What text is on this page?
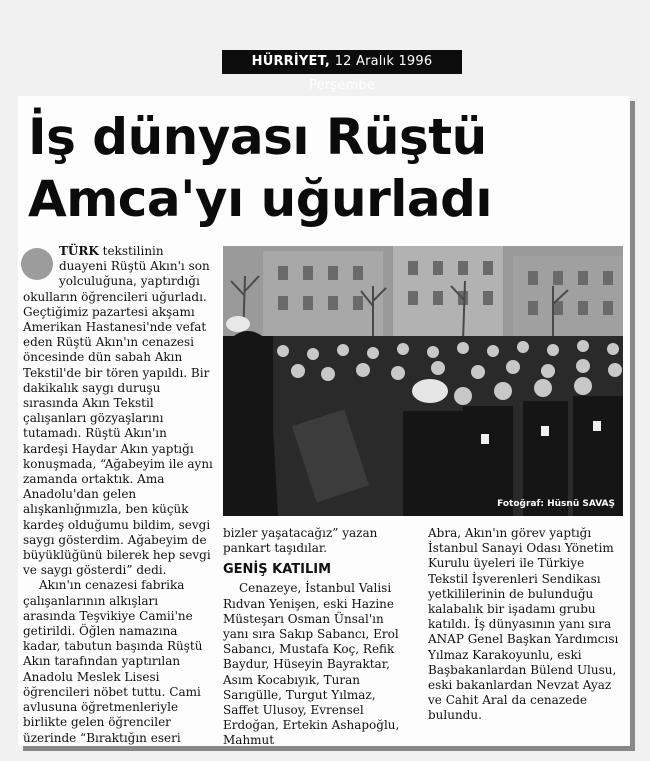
HÜRRİYET, 12 Aralık 1996 Perşembe
İş dünyası Rüştü
Amca'yı uğurladı

TÜRK tekstilinin duayeni Rüştü Akın'ı son yolculuğuna, yaptırdığı okulların öğrencileri uğurladı. Geçtiğimiz pazartesi akşamı Amerikan Hastanesi'nde vefat eden Rüştü Akın'ın cenazesi öncesinde dün sabah Akın Tekstil'de bir tören yapıldı. Bir dakikalık saygı duruşu sırasında Akın Tekstil çalışanları gözyaşlarını tutamadı. Rüştü Akın'ın kardeşi Haydar Akın yaptığı konuşmada, “Ağabeyim ile aynı zamanda ortaktık. Ama Anadolu'dan gelen alışkanlığımızla, ben küçük kardeş olduğumu bildim, sevgi saygı gösterdim. Ağabeyim de büyüklüğünü bilerek hep sevgi ve saygı gösterdi” dedi.

Akın'ın cenazesi fabrika çalışanlarının alkışları arasında Teşvikiye Camii'ne getirildi. Öğlen namazına kadar, tabutun başında Rüştü Akın tarafından yaptırılan Anadolu Meslek Lisesi öğrencileri nöbet tuttu. Cami avlusuna öğretmenleriyle birlikte gelen öğrenciler üzerinde “Bıraktığın eseri

Fotoğraf: Hüsnü SAVAŞ

bizler yaşatacağız” yazan pankart taşıdılar.

GENİŞ KATILIM

Cenazeye, İstanbul Valisi Rıdvan Yenişen, eski Hazine Müsteşarı Osman Ünsal'ın yanı sıra Sakıp Sabancı, Erol Sabancı, Mustafa Koç, Refik Baydur, Hüseyin Bayraktar, Asım Kocabıyık, Turan Sarıgülle, Turgut Yılmaz, Saffet Ulusoy, Evrensel Erdoğan, Ertekin Ashapoğlu, Mahmut

Abra, Akın'ın görev yaptığı İstanbul Sanayi Odası Yönetim Kurulu üyeleri ile Türkiye Tekstil İşverenleri Sendikası yetkililerinin de bulunduğu kalabalık bir işadamı grubu katıldı. İş dünyasının yanı sıra ANAP Genel Başkan Yardımcısı Yılmaz Karakoyunlu, eski Başbakanlardan Bülend Ulusu, eski bakanlardan Nevzat Ayaz ve Cahit Aral da cenazede bulundu.
